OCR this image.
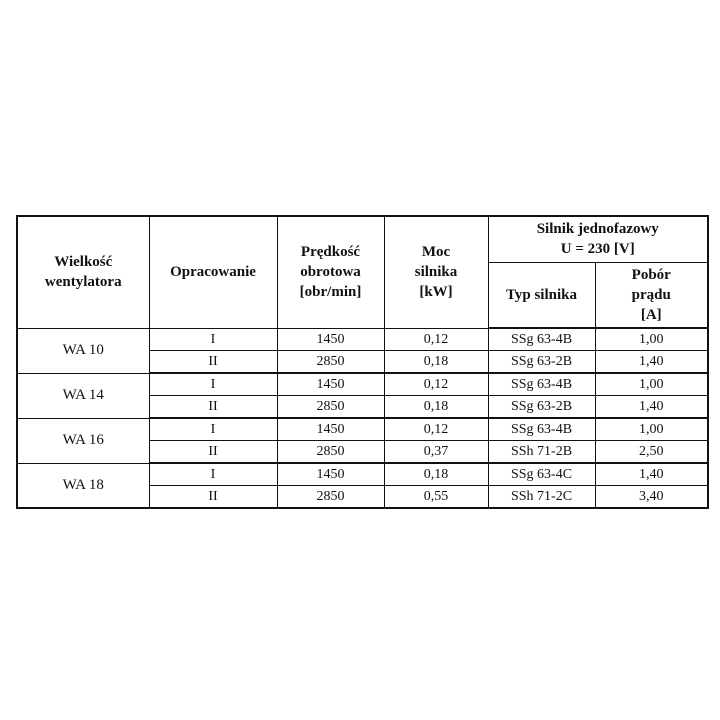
Wielkość
wentylatora	Opracowanie	Prędkość
obrotowa
[obr/min]	Moc
silnika
[kW]	Silnik jednofazowy
U = 230 [V]	

				Typ silnika	Pobór
prądu
[A]

WA 10	I	1450	0,12	SSg 63-4B	1,00
	II	2850	0,18	SSg 63-2B	1,40
WA 14	I	1450	0,12	SSg 63-4B	1,00
	II	2850	0,18	SSg 63-2B	1,40
WA 16	I	1450	0,12	SSg 63-4B	1,00
	II	2850	0,37	SSh 71-2B	2,50
WA 18	I	1450	0,18	SSg 63-4C	1,40
	II	2850	0,55	SSh 71-2C	3,40
